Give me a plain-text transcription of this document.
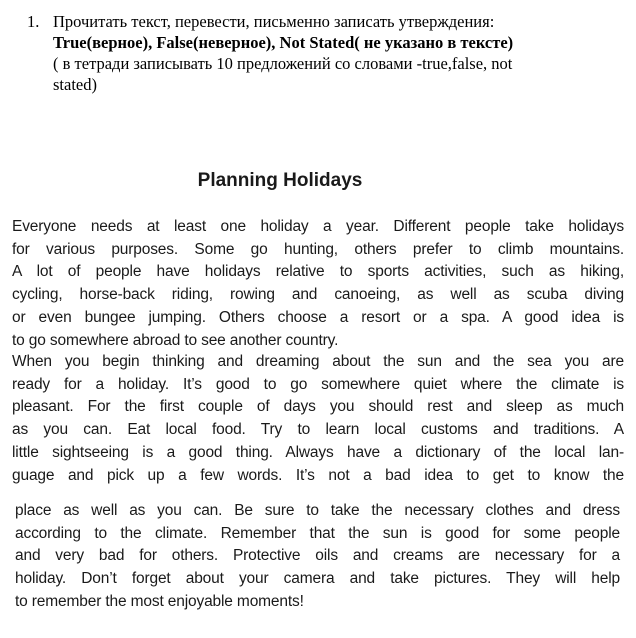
1. Прочитать текст, перевести, письменно записать утверждения:
True(верное), False(неверное), Not Stated( не указано в тексте)
( в тетради записывать 10 предложений со словами -true,false, not
stated)
Planning Holidays
Everyone needs at least one holiday a year. Different people take holidays
for various purposes. Some go hunting, others prefer to climb mountains.
A lot of people have holidays relative to sports activities, such as hiking,
cycling, horse-back riding, rowing and canoeing, as well as scuba diving
or even bungee jumping. Others choose a resort or a spa. A good idea is
to go somewhere abroad to see another country.
When you begin thinking and dreaming about the sun and the sea you are
ready for a holiday. It’s good to go somewhere quiet where the climate is
pleasant. For the first couple of days you should rest and sleep as much
as you can. Eat local food. Try to learn local customs and traditions. A
little sightseeing is a good thing. Always have a dictionary of the local lan-
guage and pick up a few words. It’s not a bad idea to get to know the
place as well as you can. Be sure to take the necessary clothes and dress
according to the climate. Remember that the sun is good for some people
and very bad for others. Protective oils and creams are necessary for a
holiday. Don’t forget about your camera and take pictures. They will help
to remember the most enjoyable moments!
